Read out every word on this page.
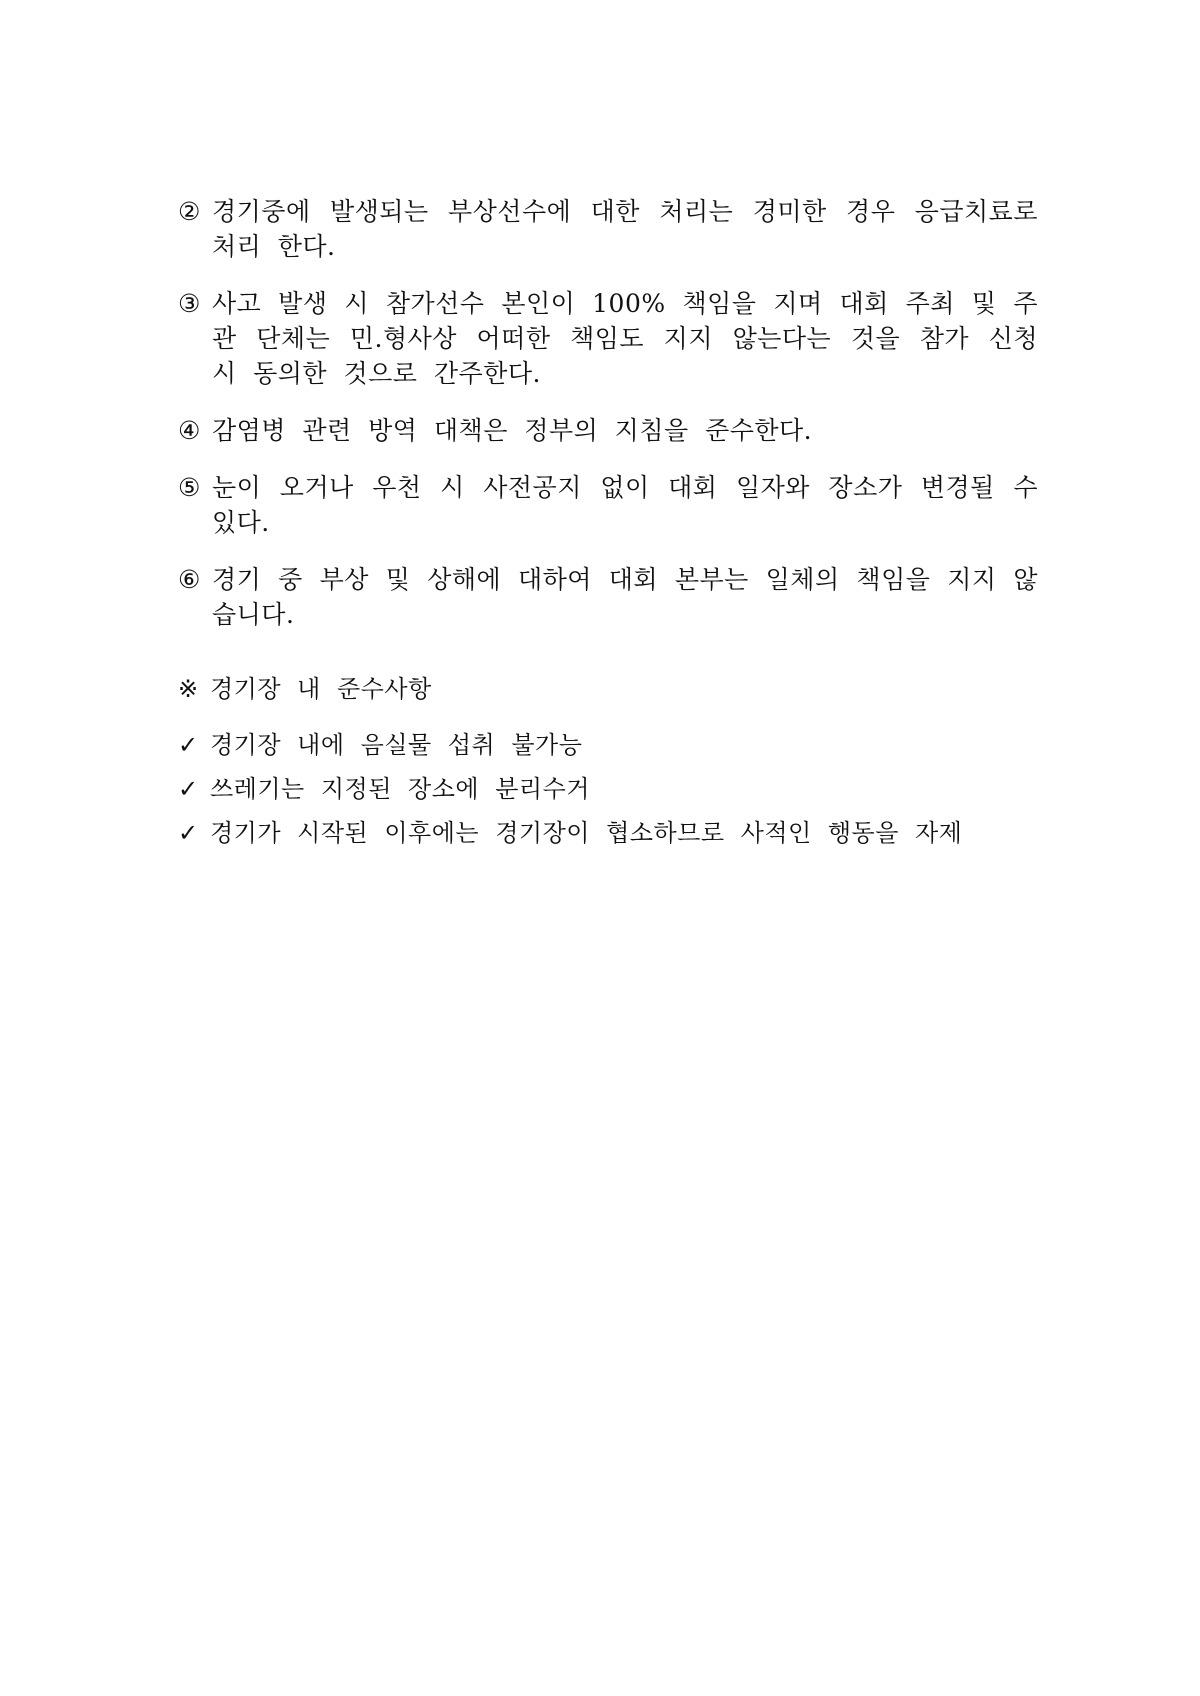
② 경기중에 발생되는 부상선수에 대한 처리는 경미한 경우 응급치료로 처리 한다.
③ 사고 발생 시 참가선수 본인이 100% 책임을 지며 대회 주최 및 주관 단체는 민.형사상 어떠한 책임도 지지 않는다는 것을 참가 신청 시 동의한 것으로 간주한다.
④ 감염병 관련 방역 대책은 정부의 지침을 준수한다.
⑤ 눈이 오거나 우천 시 사전공지 없이 대회 일자와 장소가 변경될 수 있다.
⑥ 경기 중 부상 및 상해에 대하여 대회 본부는 일체의 책임을 지지 않습니다.
※ 경기장 내 준수사항
✓ 경기장 내에 음실물 섭취 불가능
✓ 쓰레기는 지정된 장소에 분리수거
✓ 경기가 시작된 이후에는 경기장이 협소하므로 사적인 행동을 자제
